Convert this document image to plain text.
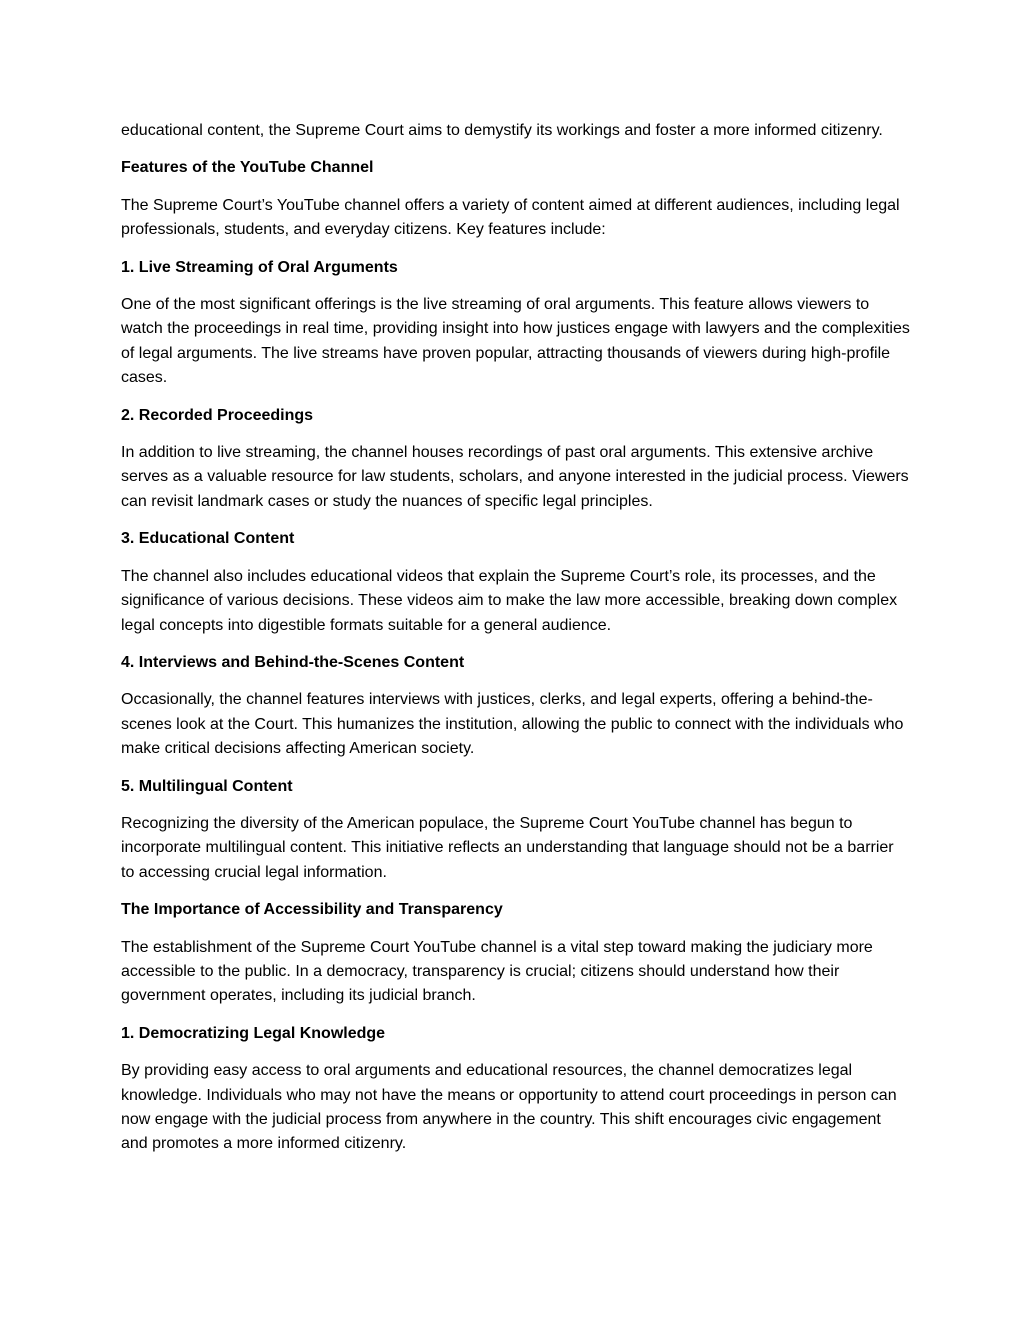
educational content, the Supreme Court aims to demystify its workings and foster a more informed citizenry.

Features of the YouTube Channel

The Supreme Court’s YouTube channel offers a variety of content aimed at different audiences, including legal professionals, students, and everyday citizens. Key features include:

1. Live Streaming of Oral Arguments

One of the most significant offerings is the live streaming of oral arguments. This feature allows viewers to watch the proceedings in real time, providing insight into how justices engage with lawyers and the complexities of legal arguments. The live streams have proven popular, attracting thousands of viewers during high-profile cases.

2. Recorded Proceedings

In addition to live streaming, the channel houses recordings of past oral arguments. This extensive archive serves as a valuable resource for law students, scholars, and anyone interested in the judicial process. Viewers can revisit landmark cases or study the nuances of specific legal principles.

3. Educational Content

The channel also includes educational videos that explain the Supreme Court’s role, its processes, and the significance of various decisions. These videos aim to make the law more accessible, breaking down complex legal concepts into digestible formats suitable for a general audience.

4. Interviews and Behind-the-Scenes Content

Occasionally, the channel features interviews with justices, clerks, and legal experts, offering a behind-the-scenes look at the Court. This humanizes the institution, allowing the public to connect with the individuals who make critical decisions affecting American society.

5. Multilingual Content

Recognizing the diversity of the American populace, the Supreme Court YouTube channel has begun to incorporate multilingual content. This initiative reflects an understanding that language should not be a barrier to accessing crucial legal information.

The Importance of Accessibility and Transparency

The establishment of the Supreme Court YouTube channel is a vital step toward making the judiciary more accessible to the public. In a democracy, transparency is crucial; citizens should understand how their government operates, including its judicial branch.

1. Democratizing Legal Knowledge

By providing easy access to oral arguments and educational resources, the channel democratizes legal knowledge. Individuals who may not have the means or opportunity to attend court proceedings in person can now engage with the judicial process from anywhere in the country. This shift encourages civic engagement and promotes a more informed citizenry.
